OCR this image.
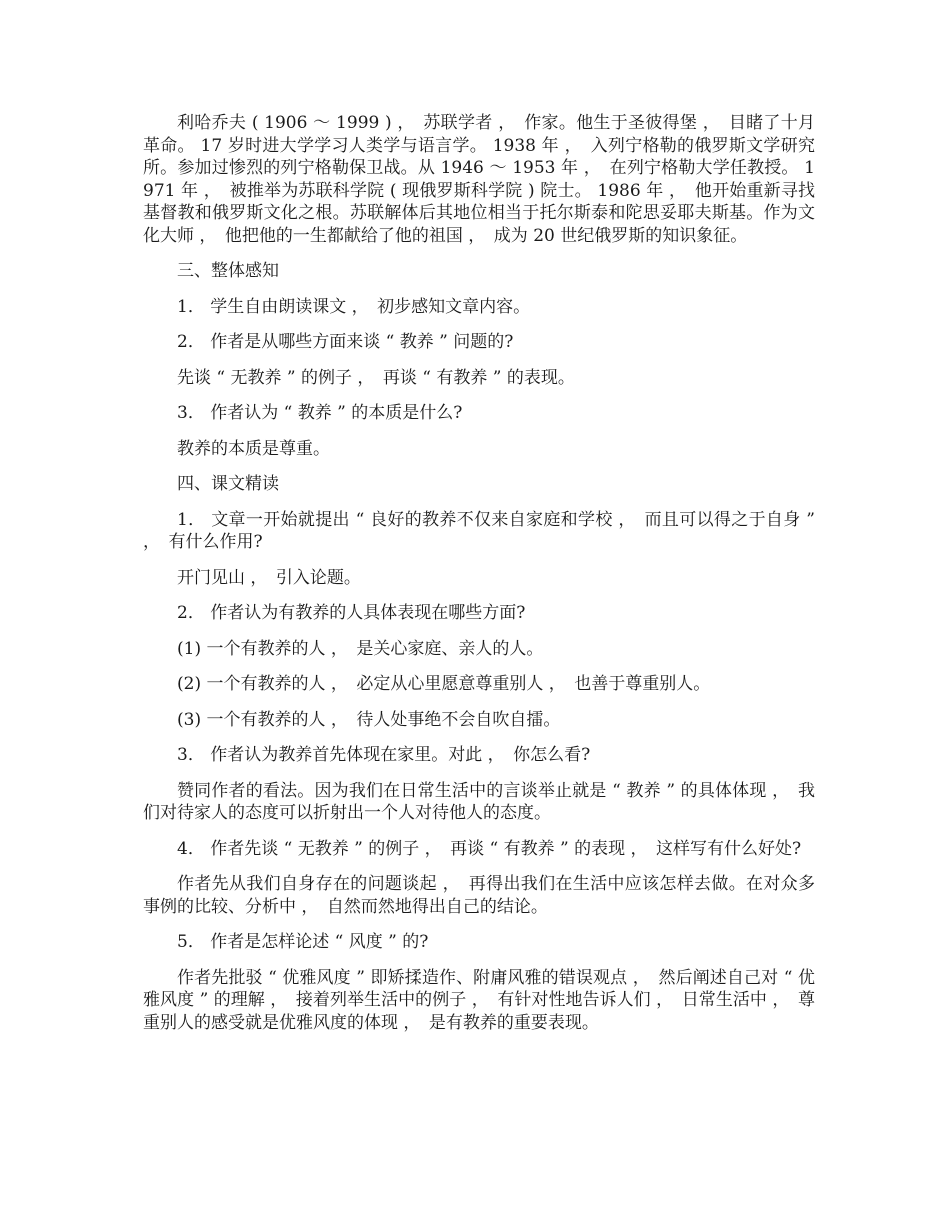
利哈乔夫 ( 1906 ～ 1999 ) ，　苏联学者 ，　作家。他生于圣彼得堡 ，　目睹了十月革命。 17 岁时进大学学习人类学与语言学。 1938 年 ，　入列宁格勒的俄罗斯文学研究所。参加过惨烈的列宁格勒保卫战。从 1946 ～ 1953 年 ，　在列宁格勒大学任教授。 1971 年 ，　被推举为苏联科学院 ( 现俄罗斯科学院 ) 院士。 1986 年 ，　他开始重新寻找基督教和俄罗斯文化之根。苏联解体后其地位相当于托尔斯泰和陀思妥耶夫斯基。作为文化大师 ，　他把他的一生都献给了他的祖国 ，　成为 20 世纪俄罗斯的知识象征。

三、整体感知

1． 学生自由朗读课文 ，　初步感知文章内容。

2． 作者是从哪些方面来谈 “ 教养 ” 问题的?

先谈 “ 无教养 ” 的例子 ，　再谈 “ 有教养 ” 的表现。

3． 作者认为 “ 教养 ” 的本质是什么?

教养的本质是尊重。

四、课文精读

1． 文章一开始就提出 “ 良好的教养不仅来自家庭和学校 ，　而且可以得之于自身 ” ，　有什么作用?

开门见山 ，　引入论题。

2． 作者认为有教养的人具体表现在哪些方面?

(1) 一个有教养的人 ，　是关心家庭、亲人的人。

(2) 一个有教养的人 ，　必定从心里愿意尊重别人 ，　也善于尊重别人。

(3) 一个有教养的人 ，　待人处事绝不会自吹自擂。

3． 作者认为教养首先体现在家里。对此 ，　你怎么看?

赞同作者的看法。因为我们在日常生活中的言谈举止就是 “ 教养 ” 的具体体现 ，　我们对待家人的态度可以折射出一个人对待他人的态度。

4． 作者先谈 “ 无教养 ” 的例子 ，　再谈 “ 有教养 ” 的表现 ，　这样写有什么好处?

作者先从我们自身存在的问题谈起 ，　再得出我们在生活中应该怎样去做。在对众多事例的比较、分析中 ，　自然而然地得出自己的结论。

5． 作者是怎样论述 “ 风度 ” 的?

作者先批驳 “ 优雅风度 ” 即矫揉造作、附庸风雅的错误观点 ，　然后阐述自己对 “ 优雅风度 ” 的理解 ，　接着列举生活中的例子 ，　有针对性地告诉人们 ，　日常生活中 ，　尊重别人的感受就是优雅风度的体现 ，　是有教养的重要表现。
